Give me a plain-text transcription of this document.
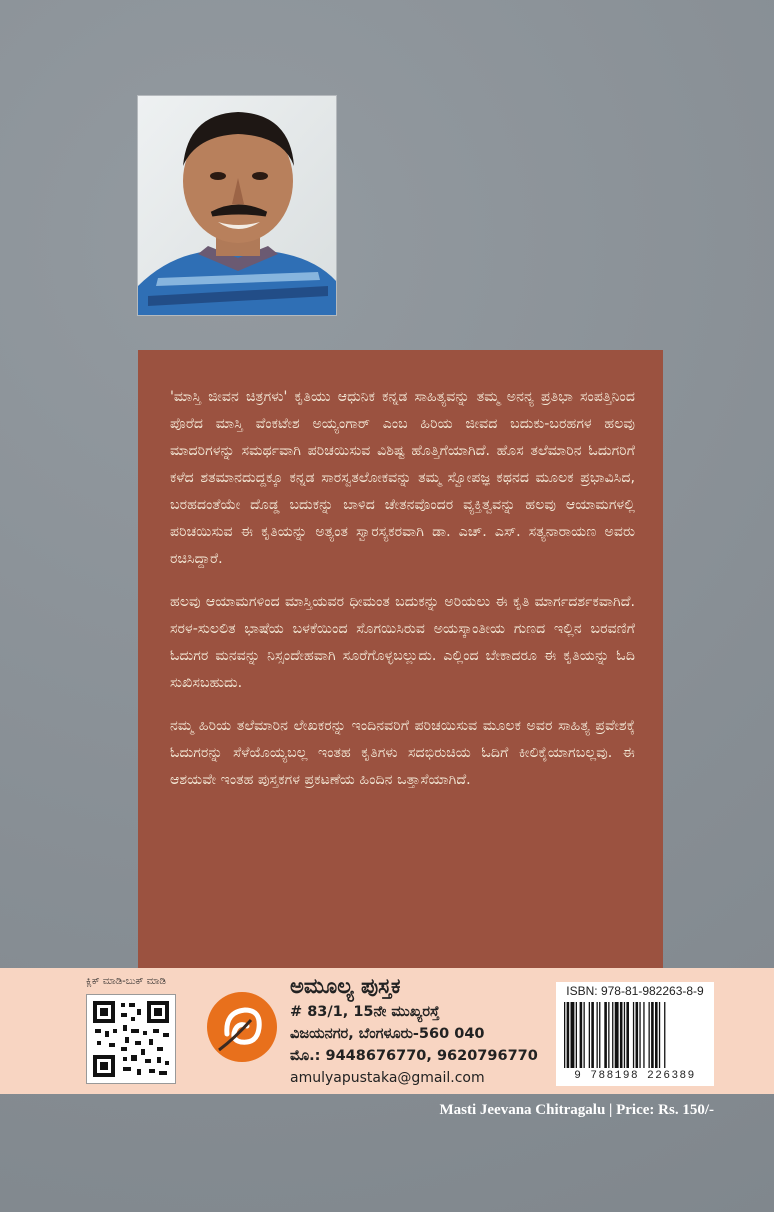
'ಮಾಸ್ತಿ ಜೀವನ ಚಿತ್ರಗಳು' ಕೃತಿಯು ಆಧುನಿಕ ಕನ್ನಡ ಸಾಹಿತ್ಯವನ್ನು ತಮ್ಮ ಅನನ್ಯ ಪ್ರತಿಭಾ ಸಂಪತ್ತಿನಿಂದ ಪೊರೆದ ಮಾಸ್ತಿ ವೆಂಕಟೇಶ ಅಯ್ಯಂಗಾರ್ ಎಂಬ ಹಿರಿಯ ಜೀವದ ಬದುಕು-ಬರಹಗಳ ಹಲವು ಮಾದರಿಗಳನ್ನು ಸಮರ್ಥವಾಗಿ ಪರಿಚಯಿಸುವ ವಿಶಿಷ್ಟ ಹೊತ್ತಿಗೆಯಾಗಿದೆ. ಹೊಸ ತಲೆಮಾರಿನ ಓದುಗರಿಗೆ ಕಳೆದ ಶತಮಾನದುದ್ದಕ್ಕೂ ಕನ್ನಡ ಸಾರಸ್ವತಲೋಕವನ್ನು ತಮ್ಮ ಸ್ವೋಪಜ್ಞ ಕಥನದ ಮೂಲಕ ಪ್ರಭಾವಿಸಿದ, ಬರಹದಂತೆಯೇ ದೊಡ್ಡ ಬದುಕನ್ನು ಬಾಳಿದ ಚೇತನವೊಂದರ ವ್ಯಕ್ತಿತ್ವವನ್ನು ಹಲವು ಆಯಾಮಗಳಲ್ಲಿ ಪರಿಚಯಿಸುವ ಈ ಕೃತಿಯನ್ನು ಅತ್ಯಂತ ಸ್ವಾರಸ್ಯಕರವಾಗಿ ಡಾ. ಎಚ್. ಎಸ್. ಸತ್ಯನಾರಾಯಣ ಅವರು ರಚಿಸಿದ್ದಾರೆ.

ಹಲವು ಆಯಾಮಗಳಿಂದ ಮಾಸ್ತಿಯವರ ಧೀಮಂತ ಬದುಕನ್ನು ಅರಿಯಲು ಈ ಕೃತಿ ಮಾರ್ಗದರ್ಶಕವಾಗಿದೆ. ಸರಳ-ಸುಲಲಿತ ಭಾಷೆಯ ಬಳಕೆಯಿಂದ ಸೊಗಯಿಸಿರುವ ಅಯಸ್ಕಾಂತೀಯ ಗುಣದ ಇಲ್ಲಿನ ಬರವಣಿಗೆ ಓದುಗರ ಮನವನ್ನು ನಿಸ್ಸಂದೇಹವಾಗಿ ಸೂರೆಗೊಳ್ಳಬಲ್ಲುದು. ಎಲ್ಲಿಂದ ಬೇಕಾದರೂ ಈ ಕೃತಿಯನ್ನು ಓದಿ ಸುಖಿಸಬಹುದು.

ನಮ್ಮ ಹಿರಿಯ ತಲೆಮಾರಿನ ಲೇಖಕರನ್ನು ಇಂದಿನವರಿಗೆ ಪರಿಚಯಿಸುವ ಮೂಲಕ ಅವರ ಸಾಹಿತ್ಯ ಪ್ರವೇಶಕ್ಕೆ ಓದುಗರನ್ನು ಸೆಳೆಯೊಯ್ಯಬಲ್ಲ ಇಂತಹ ಕೃತಿಗಳು ಸದಭಿರುಚಿಯ ಓದಿಗೆ ಕೀಲಿಕೈಯಾಗಬಲ್ಲವು. ಈ ಆಶಯವೇ ಇಂತಹ ಪುಸ್ತಕಗಳ ಪ್ರಕಟಣೆಯ ಹಿಂದಿನ ಒತ್ತಾಸೆಯಾಗಿದೆ.

ಕ್ಲಿಕ್ ಮಾಡಿ-ಬುಕ್ ಮಾಡಿ	ಅಮೂಲ್ಯ ಪುಸ್ತಕ
# 83/1, 15ನೇ ಮುಖ್ಯರಸ್ತೆ
ವಿಜಯನಗರ, ಬೆಂಗಳೂರು-560 040
ಮೊ.: 9448676770, 9620796770
amulyapustaka@gmail.com
ISBN: 978-81-982263-8-9
9 788198 226389
Masti Jeevana Chitragalu | Price: Rs. 150/-
